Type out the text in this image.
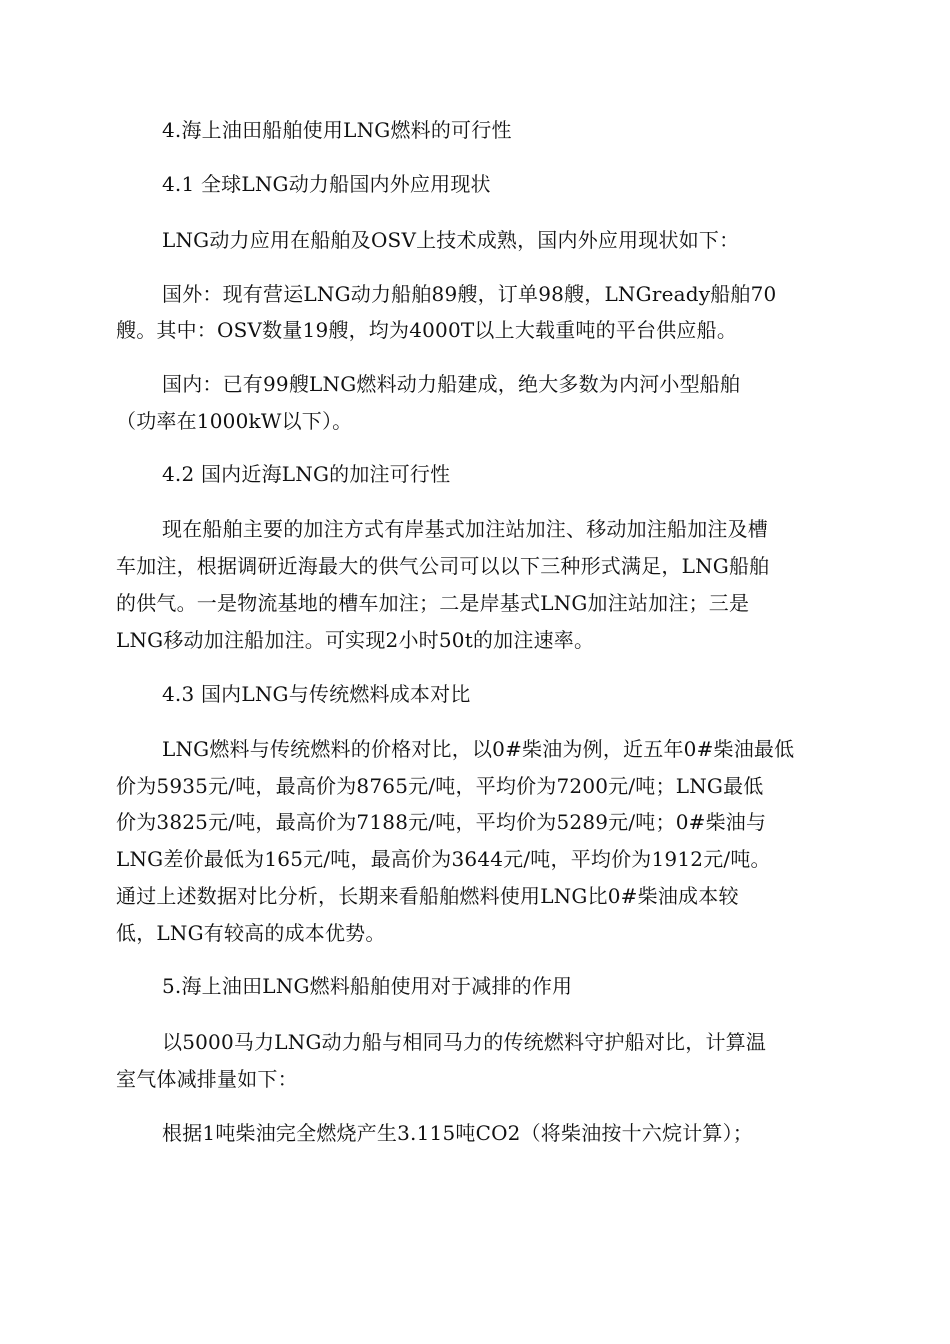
4.海上油田船舶使用LNG燃料的可行性
4.1 全球LNG动力船国内外应用现状
LNG动力应用在船舶及OSV上技术成熟，国内外应用现状如下：
国外：现有营运LNG动力船舶89艘，订单98艘，LNGready船舶70
艘。其中：OSV数量19艘，均为4000T以上大载重吨的平台供应船。
国内：已有99艘LNG燃料动力船建成，绝大多数为内河小型船舶
（功率在1000kW以下）。
4.2 国内近海LNG的加注可行性
现在船舶主要的加注方式有岸基式加注站加注、移动加注船加注及槽
车加注，根据调研近海最大的供气公司可以以下三种形式满足，LNG船舶
的供气。一是物流基地的槽车加注；二是岸基式LNG加注站加注；三是
LNG移动加注船加注。可实现2小时50t的加注速率。
4.3 国内LNG与传统燃料成本对比
LNG燃料与传统燃料的价格对比，以0#柴油为例，近五年0#柴油最低
价为5935元/吨，最高价为8765元/吨，平均价为7200元/吨；LNG最低
价为3825元/吨，最高价为7188元/吨，平均价为5289元/吨；0#柴油与
LNG差价最低为165元/吨，最高价为3644元/吨，平均价为1912元/吨。
通过上述数据对比分析，长期来看船舶燃料使用LNG比0#柴油成本较
低，LNG有较高的成本优势。
5.海上油田LNG燃料船舶使用对于减排的作用
以5000马力LNG动力船与相同马力的传统燃料守护船对比，计算温
室气体减排量如下：
根据1吨柴油完全燃烧产生3.115吨CO2（将柴油按十六烷计算）；
